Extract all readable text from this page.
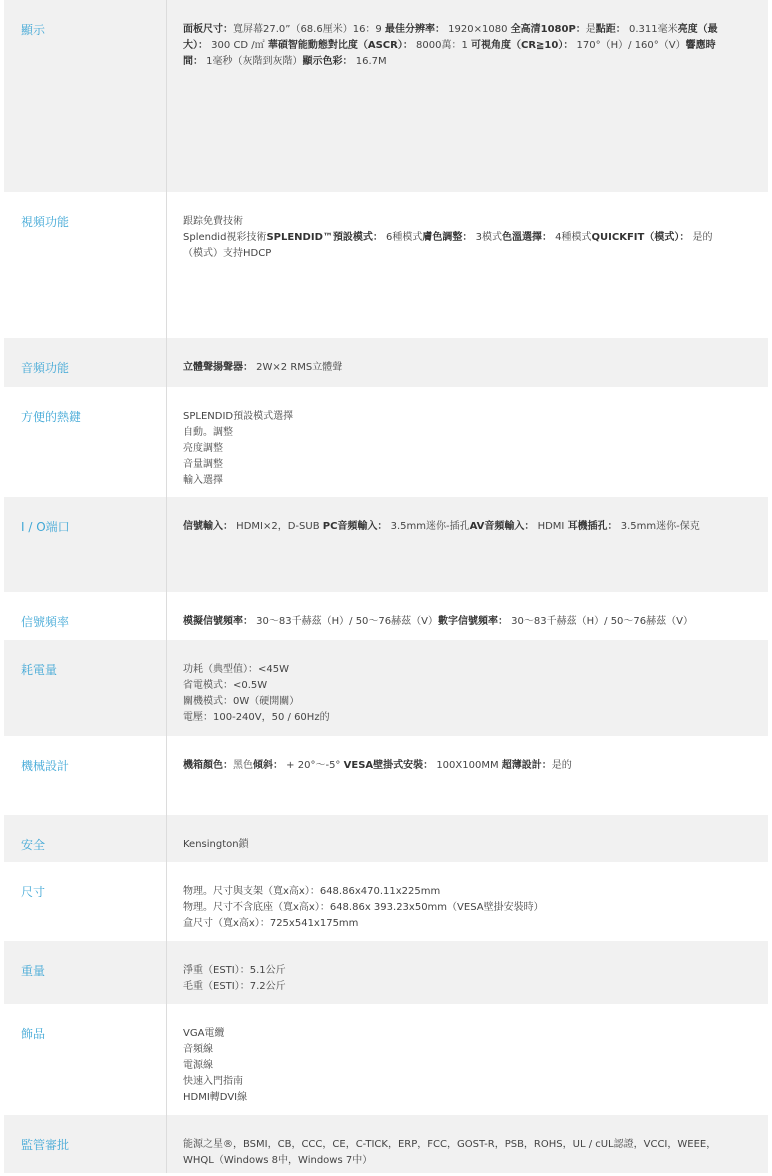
顯示	面板尺寸：寬屏幕27.0”（68.6厘米）16：9 最佳分辨率： 1920×1080 全高清1080P：是點距： 0.311毫米亮度（最大）： 300 CD /㎡ 華碩智能動態對比度（ASCR）： 8000萬：1 可視角度（CR≧10）： 170°（H）/ 160°（V）響應時間： 1毫秒（灰階到灰階）顯示色彩： 16.7M
視頻功能	跟踪免費技術
Splendid視彩技術SPLENDID™預設模式： 6種模式膚色調整： 3模式色溫選擇： 4種模式QUICKFIT（模式）： 是的（模式）支持HDCP
音頻功能	立體聲揚聲器： 2W×2 RMS立體聲
方便的熱鍵	SPLENDID預設模式選擇
自動。調整
亮度調整
音量調整
輸入選擇
I / O端口	信號輸入： HDMI×2，D-SUB PC音頻輸入： 3.5mm迷你-插孔AV音頻輸入： HDMI 耳機插孔： 3.5mm迷你-保克
信號頻率	模擬信號頻率： 30～83千赫茲（H）/ 50～76赫茲（V）數字信號頻率： 30～83千赫茲（H）/ 50～76赫茲（V）
耗電量	功耗（典型值）：<45W
省電模式：<0.5W
關機模式：0W（硬開關）
電壓：100-240V，50 / 60Hz的
機械設計	機箱顏色：黑色傾斜： + 20°～-5° VESA壁掛式安裝： 100X100MM 超薄設計：是的
安全	Kensington鎖
尺寸	物理。尺寸與支架（寬x高x）：648.86x470.11x225mm
物理。尺寸不含底座（寬x高x）：648.86x 393.23x50mm（VESA壁掛安裝時）
盒尺寸（寬x高x）：725x541x175mm
重量	淨重（ESTI）：5.1公斤
毛重（ESTI）：7.2公斤
飾品	VGA電纜
音頻線
電源線
快速入門指南
HDMI轉DVI線
監管審批	能源之星®，BSMI，CB，CCC，CE，C-TICK，ERP，FCC，GOST-R，PSB，ROHS，UL / cUL認證，VCCI，WEEE，WHQL（Windows 8中，Windows 7中）
